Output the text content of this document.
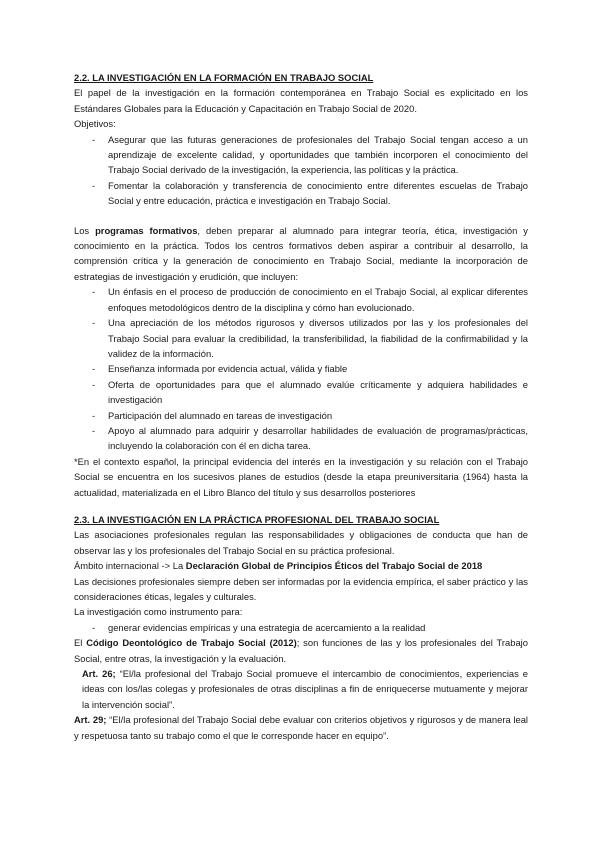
2.2. LA INVESTIGACIÓN EN LA FORMACIÓN EN TRABAJO SOCIAL

El papel de la investigación en la formación contemporánea en Trabajo Social es explicitado en los Estándares Globales para la Educación y Capacitación en Trabajo Social de 2020.

Objetivos:

- Asegurar que las futuras generaciones de profesionales del Trabajo Social tengan acceso a un aprendizaje de excelente calidad, y oportunidades que también incorporen el conocimiento del Trabajo Social derivado de la investigación, la experiencia, las políticas y la práctica.
- Fomentar la colaboración y transferencia de conocimiento entre diferentes escuelas de Trabajo Social y entre educación, práctica e investigación en Trabajo Social.

Los programas formativos, deben preparar al alumnado para integrar teoría, ética, investigación y conocimiento en la práctica. Todos los centros formativos deben aspirar a contribuir al desarrollo, la comprensión crítica y la generación de conocimiento en Trabajo Social, mediante la incorporación de estrategias de investigación y erudición, que incluyen:

- Un énfasis en el proceso de producción de conocimiento en el Trabajo Social, al explicar diferentes enfoques metodológicos dentro de la disciplina y cómo han evolucionado.
- Una apreciación de los métodos rigurosos y diversos utilizados por las y los profesionales del Trabajo Social para evaluar la credibilidad, la transferibilidad, la fiabilidad de la confirmabilidad y la validez de la información.
- Enseñanza informada por evidencia actual, válida y fiable
- Oferta de oportunidades para que el alumnado evalúe críticamente y adquiera habilidades e investigación
- Participación del alumnado en tareas de investigación
- Apoyo al alumnado para adquirir y desarrollar habilidades de evaluación de programas/prácticas, incluyendo la colaboración con él en dicha tarea.

*En el contexto español, la principal evidencia del interés en la investigación y su relación con el Trabajo Social se encuentra en los sucesivos planes de estudios (desde la etapa preuniversitaria (1964) hasta la actualidad, materializada en el Libro Blanco del título y sus desarrollos posteriores

2.3. LA INVESTIGACIÓN EN LA PRÁCTICA PROFESIONAL DEL TRABAJO SOCIAL

Las asociaciones profesionales regulan las responsabilidades y obligaciones de conducta que han de observar las y los profesionales del Trabajo Social en su práctica profesional.

Ámbito internacional -> La Declaración Global de Principios Éticos del Trabajo Social de 2018

Las decisiones profesionales siempre deben ser informadas por la evidencia empírica, el saber práctico y las consideraciones éticas, legales y culturales.

La investigación como instrumento para:

- generar evidencias empíricas y una estrategia de acercamiento a la realidad

El Código Deontológico de Trabajo Social (2012); son funciones de las y los profesionales del Trabajo Social, entre otras, la investigación y la evaluación.

Art. 26; “El/la profesional del Trabajo Social promueve el intercambio de conocimientos, experiencias e ideas con los/las colegas y profesionales de otras disciplinas a fin de enriquecerse mutuamente y mejorar la intervención social”.

Art. 29; “El/la profesional del Trabajo Social debe evaluar con criterios objetivos y rigurosos y de manera leal y respetuosa tanto su trabajo como el que le corresponde hacer en equipo”.
